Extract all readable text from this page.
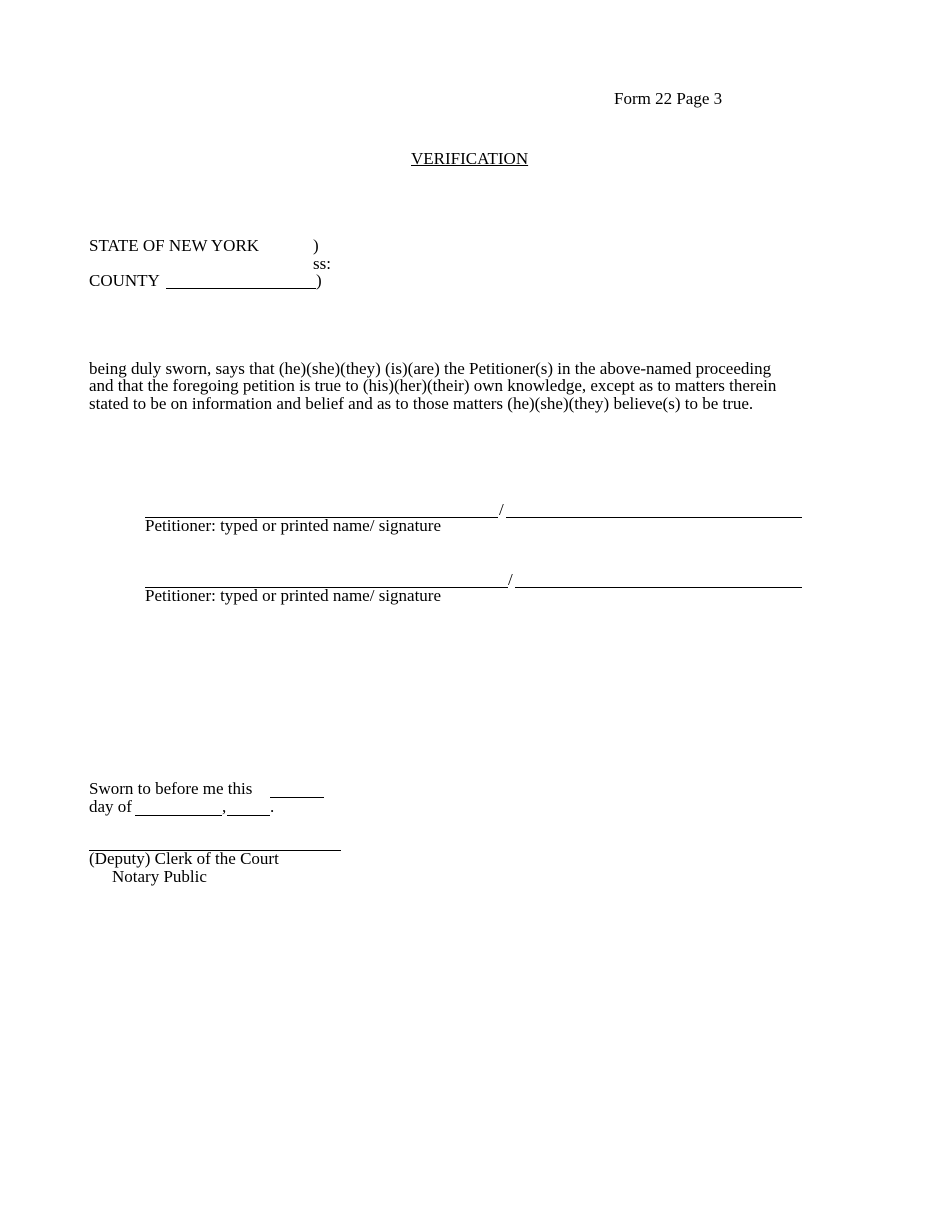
Form 22 Page 3
VERIFICATION
STATE OF NEW YORK	)
ss:
COUNTY	)
being duly sworn, says that (he)(she)(they) (is)(are) the Petitioner(s) in the above-named proceeding
and that the foregoing petition is true to (his)(her)(their) own knowledge, except as to matters therein
stated to be on information and belief and as to those matters (he)(she)(they) believe(s) to be true.
/
Petitioner: typed or printed name/ signature
/
Petitioner: typed or printed name/ signature
Sworn to before me this
day of	,	.
(Deputy) Clerk of the Court
Notary Public
